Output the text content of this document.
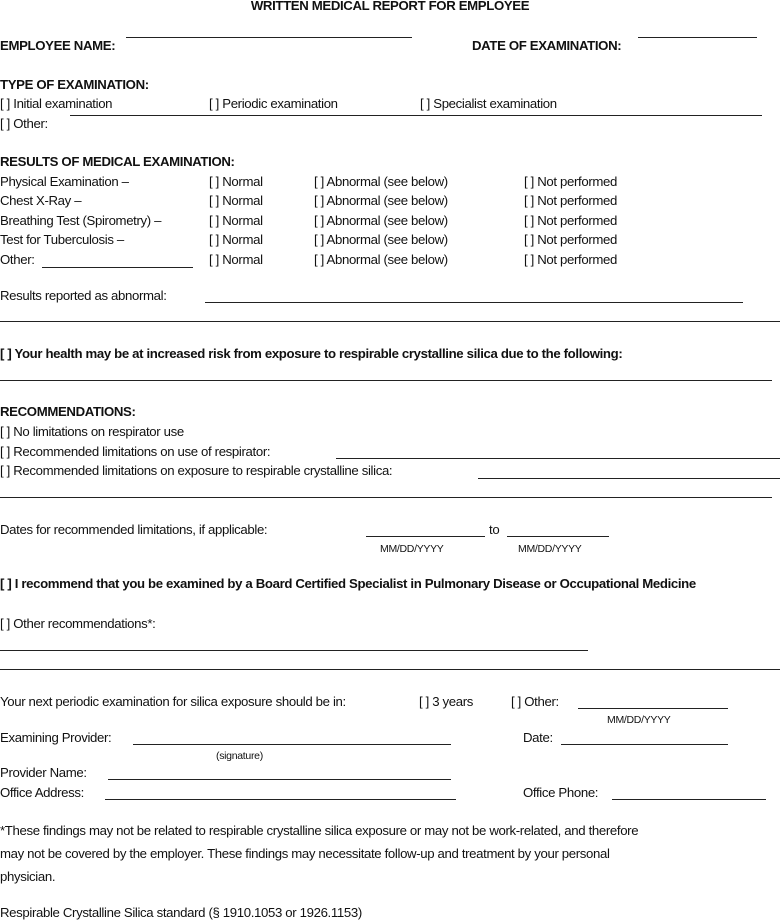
WRITTEN MEDICAL REPORT FOR EMPLOYEE
EMPLOYEE NAME:	DATE OF EXAMINATION:
TYPE OF EXAMINATION:
[ ] Initial examination	[ ] Periodic examination	[ ] Specialist examination
[ ] Other:
RESULTS OF MEDICAL EXAMINATION:
Physical Examination –	[ ] Normal	[ ] Abnormal (see below)	[ ] Not performed
Chest X-Ray –	[ ] Normal	[ ] Abnormal (see below)	[ ] Not performed
Breathing Test (Spirometry) –	[ ] Normal	[ ] Abnormal (see below)	[ ] Not performed
Test for Tuberculosis –	[ ] Normal	[ ] Abnormal (see below)	[ ] Not performed
Other:	[ ] Normal	[ ] Abnormal (see below)	[ ] Not performed
Results reported as abnormal:
[ ] Your health may be at increased risk from exposure to respirable crystalline silica due to the following:
RECOMMENDATIONS:
[ ] No limitations on respirator use
[ ] Recommended limitations on use of respirator:
[ ] Recommended limitations on exposure to respirable crystalline silica:
Dates for recommended limitations, if applicable:	to
MM/DD/YYYY	MM/DD/YYYY
[ ] I recommend that you be examined by a Board Certified Specialist in Pulmonary Disease or Occupational Medicine
[ ] Other recommendations*:
Your next periodic examination for silica exposure should be in:	[ ] 3 years	[ ] Other:
MM/DD/YYYY
Examining Provider:
(signature)
Date:
Provider Name:
Office Address:	Office Phone:
*These findings may not be related to respirable crystalline silica exposure or may not be work-related, and therefore
may not be covered by the employer. These findings may necessitate follow-up and treatment by your personal
physician.
Respirable Crystalline Silica standard (§ 1910.1053 or 1926.1153)
